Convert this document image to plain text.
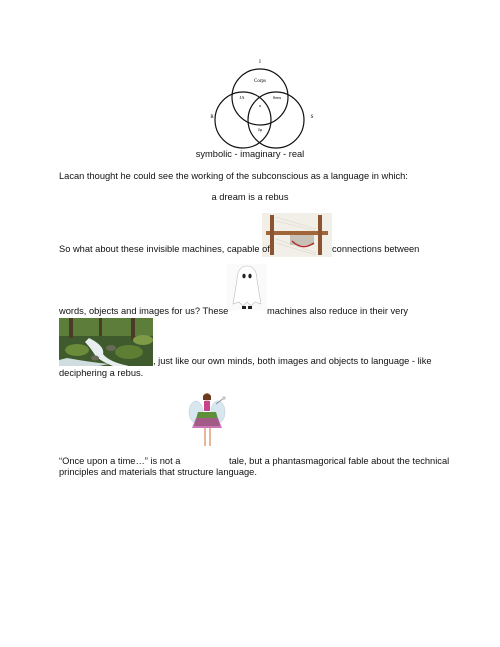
I
R	S
Corps
JA	Sens
a
Jφ
symbolic - imaginary - real
Lacan thought he could see the working of the subconscious as a language in which:
a dream is a rebus
So what about these invisible machines, capable of	connections between
words, objects and images for us? These	machines also reduce in their very
, just like our own minds, both images and objects to language - like
deciphering a rebus.
“Once upon a time…” is not a	tale, but a phantasmagorical fable about the technical
principles and materials that structure language.
